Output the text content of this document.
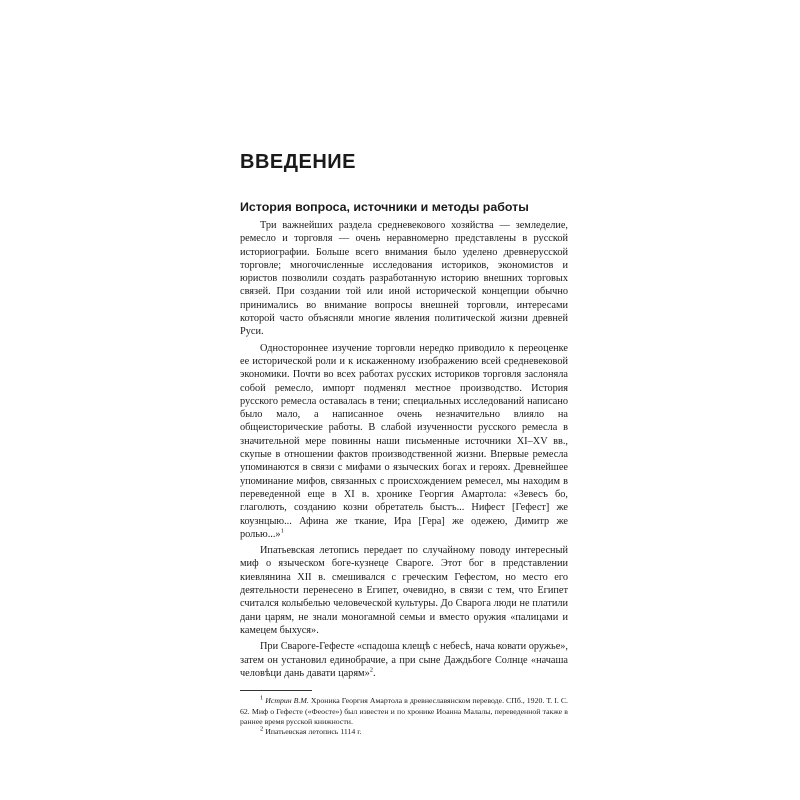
ВВЕДЕНИЕ
История вопроса, источники и методы работы

Три важнейших раздела средневекового хозяйства — земледелие, ремесло и торговля — очень неравномерно представлены в русской историографии. Больше всего внимания было уделено древнерусской торговле; многочисленные исследования историков, экономистов и юристов позволили создать разработанную историю внешних торговых связей. При создании той или иной исторической концепции обычно принимались во внимание вопросы внешней торговли, интересами которой часто объясняли многие явления политической жизни древней Руси.

Одностороннее изучение торговли нередко приводило к переоценке ее исторической роли и к искаженному изображению всей средневековой экономики. Почти во всех работах русских историков торговля заслоняла собой ремесло, импорт подменял местное производство. История русского ремесла оставалась в тени; специальных исследований написано было мало, а написанное очень незначительно влияло на общеисторические работы. В слабой изученности русского ремесла в значительной мере повинны наши письменные источники XI–XV вв., скупые в отношении фактов производственной жизни. Впервые ремесла упоминаются в связи с мифами о языческих богах и героях. Древнейшее упоминание мифов, связанных с происхождением ремесел, мы находим в переведенной еще в XI в. хронике Георгия Амартола: «Зевесъ бо, глаголють, созданию козни обретатель быстъ... Нифест [Гефест] же коузнцыю... Афина же ткание, Ира [Гера] же одежею, Димитр же ролью...»$^1$

Ипатьевская летопись передает по случайному поводу интересный миф о языческом боге-кузнеце Сварогe. Этот бог в представлении киевлянина XII в. смешивался с греческим Гефестом, но место его деятельности перенесено в Египет, очевидно, в связи с тем, что Египет считался колыбелью человеческой культуры. До Сварога люди не платили дани царям, не знали моногамной семьи и вместо оружия «палицами и камецем быхуся».

При Свароге-Гефесте «спадоша клещѣ с небесѣ, нача ковати оружье», затем он установил единобрачие, а при сыне Даждьбоге Солнце «начаша человѣци дань давати царям»$^2$.

$^1$ Истрин В.М. Хроника Георгия Амартола в древнеславянском переводе. СПб., 1920. Т. I. С. 62. Миф о Гефесте («Феосте») был известен и по хронике Иоанна Малалы, переведенной также в раннее время русской книжности.

$^2$ Ипатьевская летопись 1114 г.
